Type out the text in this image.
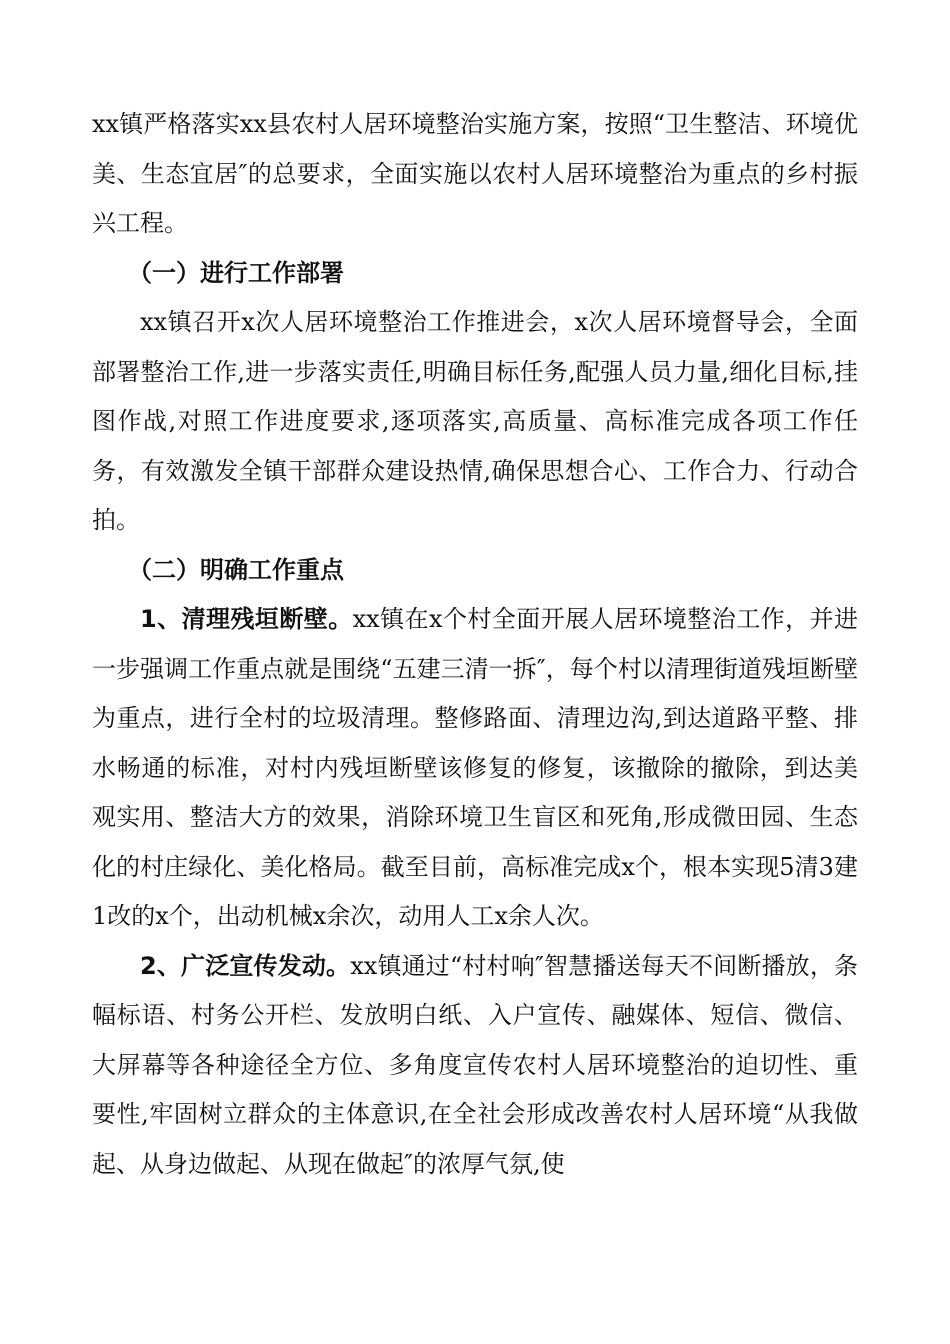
xx镇严格落实xx县农村人居环境整治实施方案，按照“卫生整洁、环境优美、生态宜居″的总要求，全面实施以农村人居环境整治为重点的乡村振兴工程。

（一）进行工作部署

xx镇召开x次人居环境整治工作推进会，x次人居环境督导会，全面部署整治工作,进一步落实责任,明确目标任务,配强人员力量,细化目标,挂图作战,对照工作进度要求,逐项落实,高质量、高标准完成各项工作任务，有效激发全镇干部群众建设热情,确保思想合心、工作合力、行动合拍。

（二）明确工作重点

1、清理残垣断壁。xx镇在x个村全面开展人居环境整治工作，并进一步强调工作重点就是围绕“五建三清一拆″，每个村以清理街道残垣断壁为重点，进行全村的垃圾清理。整修路面、清理边沟,到达道路平整、排水畅通的标准，对村内残垣断壁该修复的修复，该撤除的撤除，到达美观实用、整洁大方的效果，消除环境卫生盲区和死角,形成微田园、生态化的村庄绿化、美化格局。截至目前，高标准完成x个，根本实现5清3建1改的x个，出动机械x余次，动用人工x余人次。

2、广泛宣传发动。xx镇通过“村村响″智慧播送每天不间断播放，条幅标语、村务公开栏、发放明白纸、入户宣传、融媒体、短信、微信、大屏幕等各种途径全方位、多角度宣传农村人居环境整治的迫切性、重要性,牢固树立群众的主体意识,在全社会形成改善农村人居环境“从我做起、从身边做起、从现在做起″的浓厚气氛,使
